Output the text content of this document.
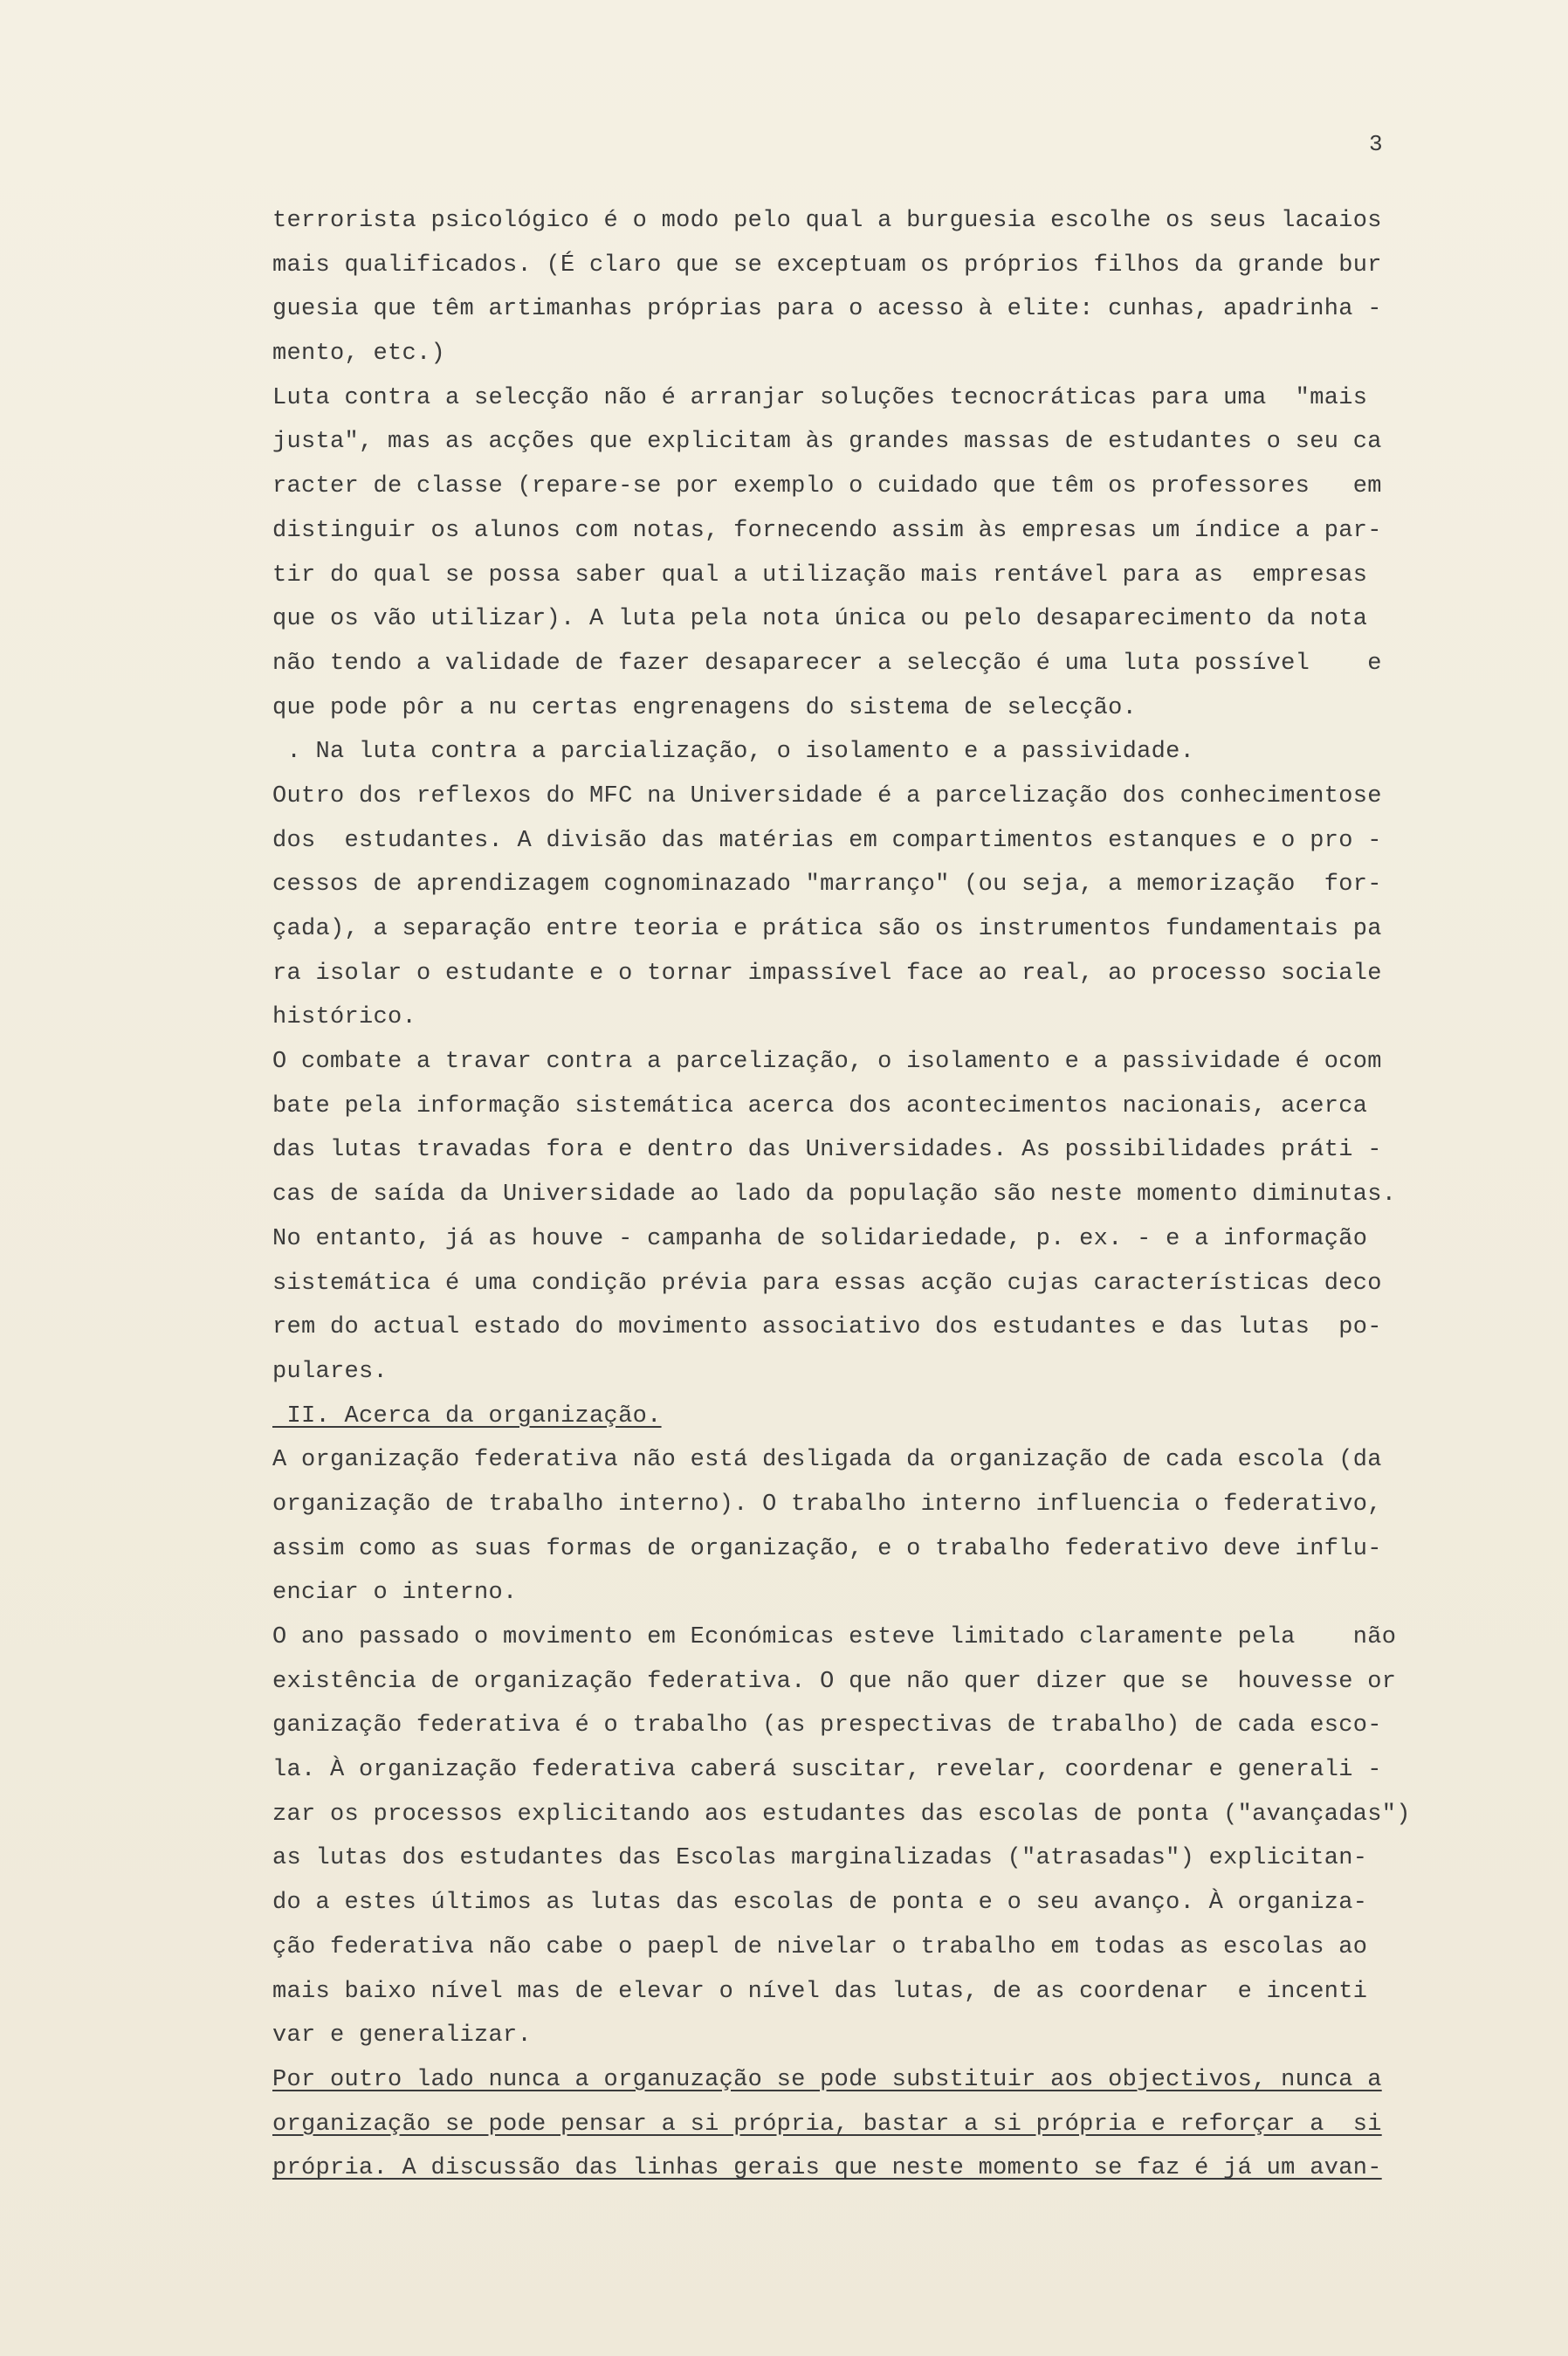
3
terrorista psicológico é o modo pelo qual a burguesia escolhe os seus lacaios
mais qualificados. (É claro que se exceptuam os próprios filhos da grande bur
guesia que têm artimanhas próprias para o acesso à elite: cunhas, apadrinha -
mento, etc.)
Luta contra a selecção não é arranjar soluções tecnocráticas para uma  "mais
justa", mas as acções que explicitam às grandes massas de estudantes o seu ca
racter de classe (repare-se por exemplo o cuidado que têm os professores   em
distinguir os alunos com notas, fornecendo assim às empresas um índice a par-
tir do qual se possa saber qual a utilização mais rentável para as  empresas
que os vão utilizar). A luta pela nota única ou pelo desaparecimento da nota
não tendo a validade de fazer desaparecer a selecção é uma luta possível    e
que pode pôr a nu certas engrenagens do sistema de selecção.
. Na luta contra a parcialização, o isolamento e a passividade.
Outro dos reflexos do MFC na Universidade é a parcelização dos conhecimentose
dos  estudantes. A divisão das matérias em compartimentos estanques e o pro -
cessos de aprendizagem cognominazado "marranço" (ou seja, a memorização  for-
çada), a separação entre teoria e prática são os instrumentos fundamentais pa
ra isolar o estudante e o tornar impassível face ao real, ao processo sociale
histórico.
O combate a travar contra a parcelização, o isolamento e a passividade é ocom
bate pela informação sistemática acerca dos acontecimentos nacionais, acerca
das lutas travadas fora e dentro das Universidades. As possibilidades práti -
cas de saída da Universidade ao lado da população são neste momento diminutas.
No entanto, já as houve - campanha de solidariedade, p. ex. - e a informação
sistemática é uma condição prévia para essas acção cujas características deco
rem do actual estado do movimento associativo dos estudantes e das lutas  po-
pulares.
II. Acerca da organização.
A organização federativa não está desligada da organização de cada escola (da
organização de trabalho interno). O trabalho interno influencia o federativo,
assim como as suas formas de organização, e o trabalho federativo deve influ-
enciar o interno.
O ano passado o movimento em Económicas esteve limitado claramente pela    não
existência de organização federativa. O que não quer dizer que se  houvesse or
ganização federativa é o trabalho (as prespectivas de trabalho) de cada esco-
la. À organização federativa caberá suscitar, revelar, coordenar e generali -
zar os processos explicitando aos estudantes das escolas de ponta ("avançadas")
as lutas dos estudantes das Escolas marginalizadas ("atrasadas") explicitan-
do a estes últimos as lutas das escolas de ponta e o seu avanço. À organiza-
ção federativa não cabe o paepl de nivelar o trabalho em todas as escolas ao
mais baixo nível mas de elevar o nível das lutas, de as coordenar  e incenti
var e generalizar.
Por outro lado nunca a organuzação se pode substituir aos objectivos, nunca a
organização se pode pensar a si própria, bastar a si própria e reforçar a  si
própria. A discussão das linhas gerais que neste momento se faz é já um avan-
